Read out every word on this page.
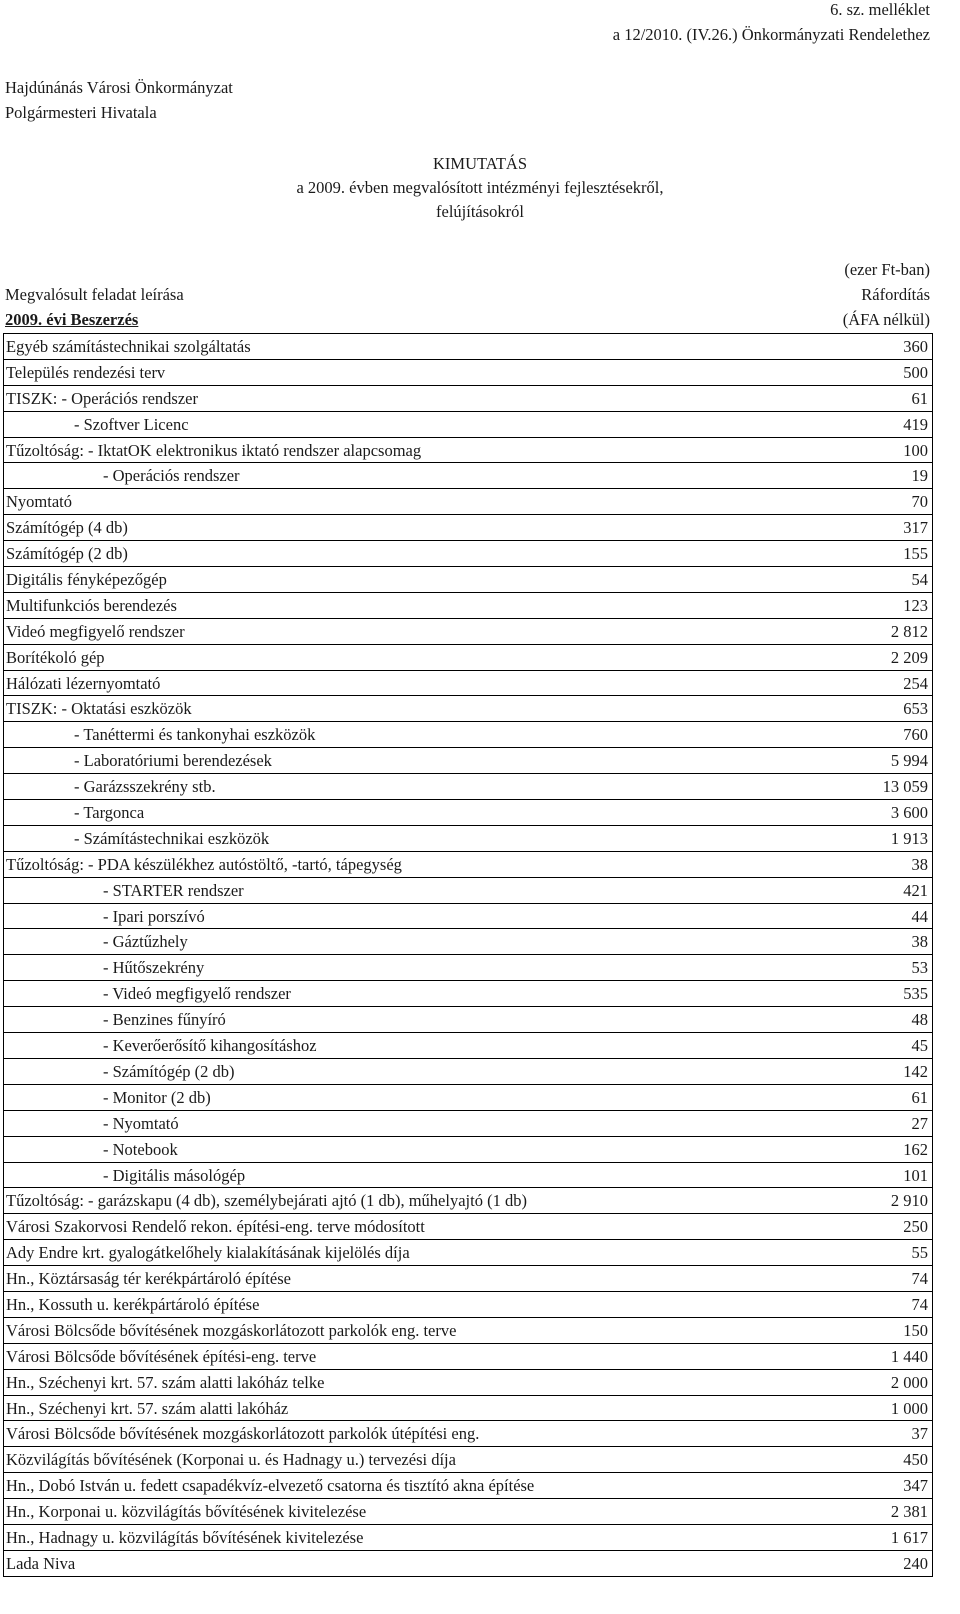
6. sz. melléklet
a 12/2010. (IV.26.) Önkormányzati Rendelethez
Hajdúnánás Városi Önkormányzat
Polgármesteri Hivatala
KIMUTATÁS
a 2009. évben megvalósított intézményi fejlesztésekről,
felújításokról
(ezer Ft-ban)
Megvalósult feladat leírása	Ráfordítás
2009. évi Beszerzés	(ÁFA nélkül)
Egyéb számítástechnikai szolgáltatás	360
Település rendezési terv	500
TISZK: - Operációs rendszer	61
- Szoftver Licenc	419
Tűzoltóság: - IktatOK elektronikus iktató rendszer alapcsomag	100
- Operációs rendszer	19
Nyomtató	70
Számítógép (4 db)	317
Számítógép (2 db)	155
Digitális fényképezőgép	54
Multifunkciós berendezés	123
Videó megfigyelő rendszer	2 812
Borítékoló gép	2 209
Hálózati lézernyomtató	254
TISZK: - Oktatási eszközök	653
- Tanéttermi és tankonyhai eszközök	760
- Laboratóriumi berendezések	5 994
- Garázsszekrény stb.	13 059
- Targonca	3 600
- Számítástechnikai eszközök	1 913
Tűzoltóság: - PDA készülékhez autóstöltő, -tartó, tápegység	38
- STARTER rendszer	421
- Ipari porszívó	44
- Gáztűzhely	38
- Hűtőszekrény	53
- Videó megfigyelő rendszer	535
- Benzines fűnyíró	48
- Keverőerősítő kihangosításhoz	45
- Számítógép (2 db)	142
- Monitor (2 db)	61
- Nyomtató	27
- Notebook	162
- Digitális másológép	101
Tűzoltóság: - garázskapu (4 db), személybejárati ajtó (1 db), műhelyajtó (1 db)	2 910
Városi Szakorvosi Rendelő rekon. építési-eng. terve módosított	250
Ady Endre krt. gyalogátkelőhely kialakításának kijelölés díja	55
Hn., Köztársaság tér kerékpártároló építése	74
Hn., Kossuth u. kerékpártároló építése	74
Városi Bölcsőde bővítésének mozgáskorlátozott parkolók eng. terve	150
Városi Bölcsőde bővítésének építési-eng. terve	1 440
Hn., Széchenyi krt. 57. szám alatti lakóház telke	2 000
Hn., Széchenyi krt. 57. szám alatti lakóház	1 000
Városi Bölcsőde bővítésének mozgáskorlátozott parkolók útépítési eng.	37
Közvilágítás bővítésének (Korponai u. és Hadnagy u.) tervezési díja	450
Hn., Dobó István u. fedett csapadékvíz-elvezető csatorna és tisztító akna építése	347
Hn., Korponai u. közvilágítás bővítésének kivitelezése	2 381
Hn., Hadnagy u. közvilágítás bővítésének kivitelezése	1 617
Lada Niva	240
